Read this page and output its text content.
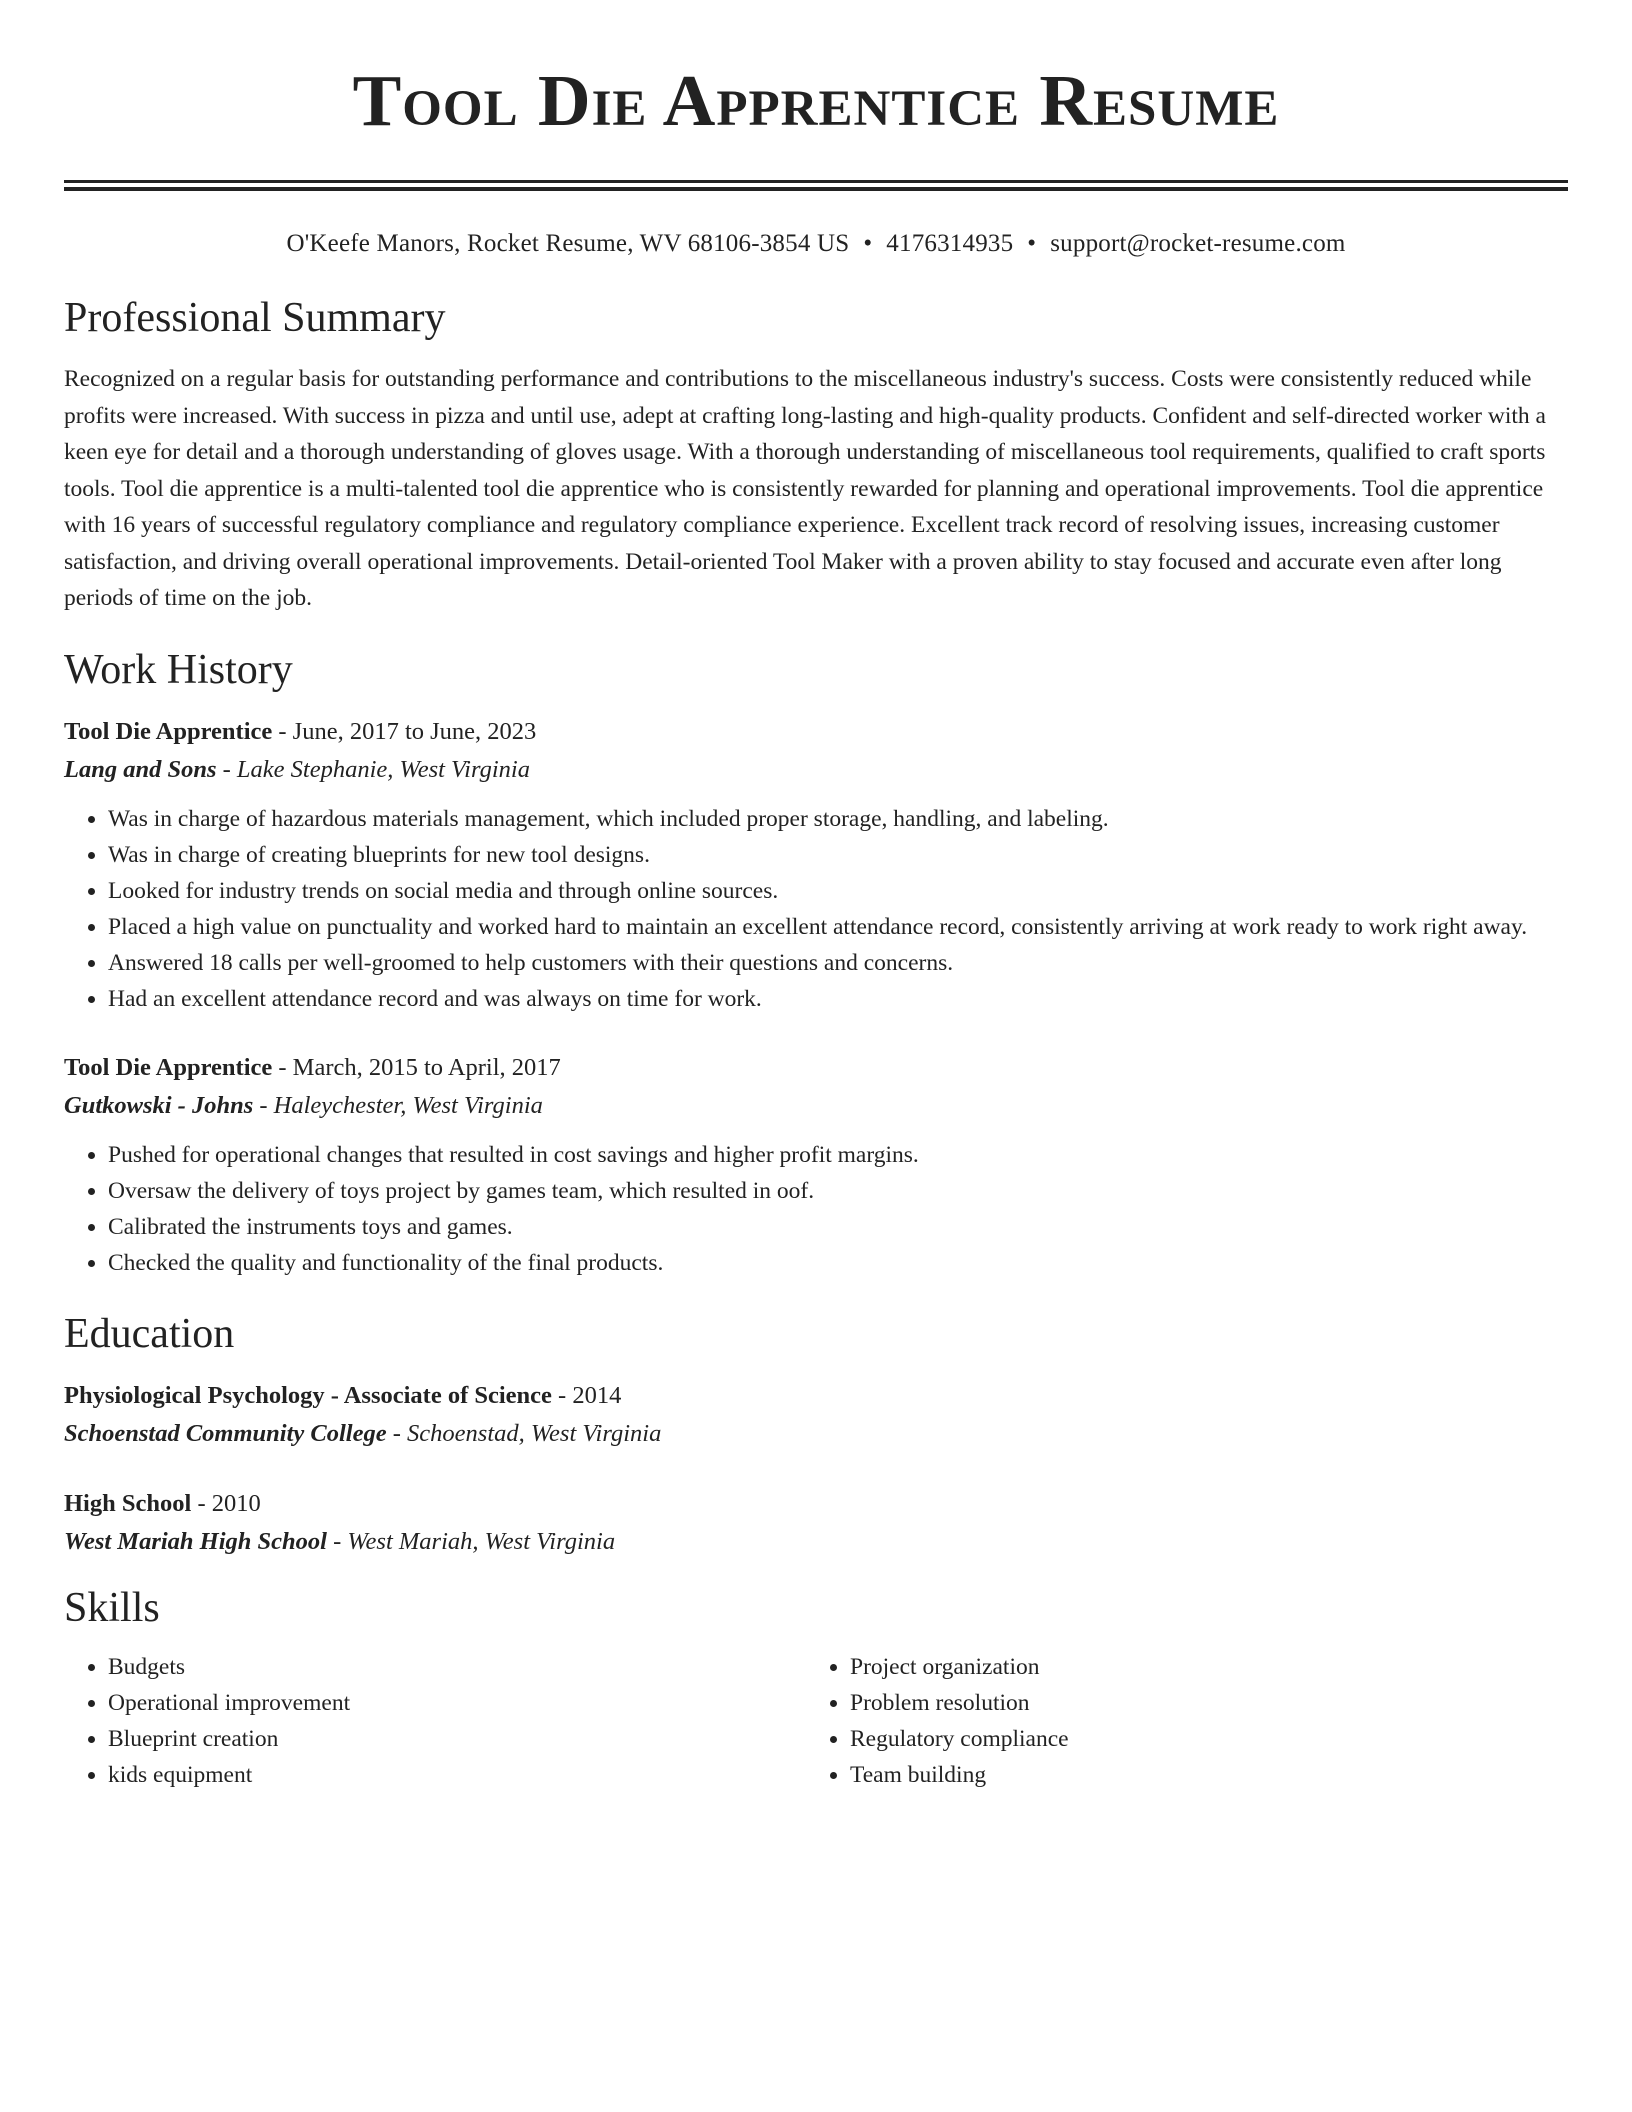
Tool Die Apprentice Resume
O'Keefe Manors, Rocket Resume, WV 68106-3854 US • 4176314935 • support@rocket-resume.com
Professional Summary

Recognized on a regular basis for outstanding performance and contributions to the miscellaneous industry's success. Costs were consistently reduced while profits were increased. With success in pizza and until use, adept at crafting long-lasting and high-quality products. Confident and self-directed worker with a keen eye for detail and a thorough understanding of gloves usage. With a thorough understanding of miscellaneous tool requirements, qualified to craft sports tools. Tool die apprentice is a multi-talented tool die apprentice who is consistently rewarded for planning and operational improvements. Tool die apprentice with 16 years of successful regulatory compliance and regulatory compliance experience. Excellent track record of resolving issues, increasing customer satisfaction, and driving overall operational improvements. Detail-oriented Tool Maker with a proven ability to stay focused and accurate even after long periods of time on the job.

Work History
Tool Die Apprentice - June, 2017 to June, 2023
Lang and Sons - Lake Stephanie, West Virginia
• Was in charge of hazardous materials management, which included proper storage, handling, and labeling.
• Was in charge of creating blueprints for new tool designs.
• Looked for industry trends on social media and through online sources.
• Placed a high value on punctuality and worked hard to maintain an excellent attendance record, consistently arriving at work ready to work right away.
• Answered 18 calls per well-groomed to help customers with their questions and concerns.
• Had an excellent attendance record and was always on time for work.
Tool Die Apprentice - March, 2015 to April, 2017
Gutkowski - Johns - Haleychester, West Virginia
• Pushed for operational changes that resulted in cost savings and higher profit margins.
• Oversaw the delivery of toys project by games team, which resulted in oof.
• Calibrated the instruments toys and games.
• Checked the quality and functionality of the final products.
Education
Physiological Psychology - Associate of Science - 2014
Schoenstad Community College - Schoenstad, West Virginia
High School - 2010
West Mariah High School - West Mariah, West Virginia
Skills
• Budgets
• Operational improvement
• Blueprint creation
• kids equipment
• Project organization
• Problem resolution
• Regulatory compliance
• Team building
